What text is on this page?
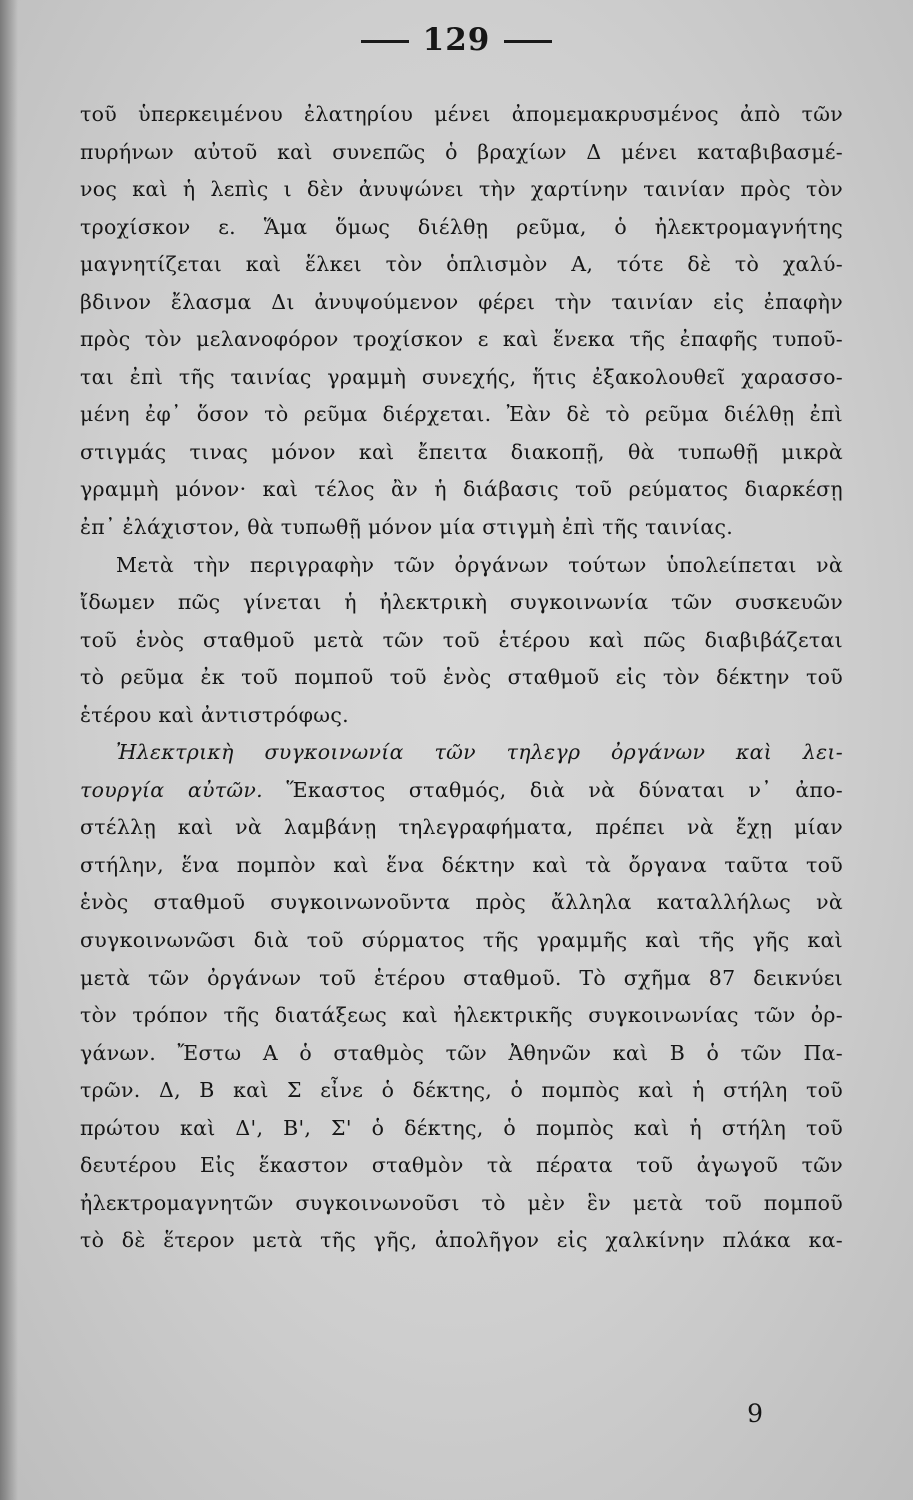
129
τοῦ ὑπερκειμένου ἐλατηρίου μένει ἀπομεμακρυσμένος ἀπὸ τῶν
πυρήνων αὐτοῦ καὶ συνεπῶς ὁ βραχίων Δ μένει καταβιβασμέ-
νος καὶ ἡ λεπὶς ι δὲν ἀνυψώνει τὴν χαρτίνην ταινίαν πρὸς τὸν
τροχίσκον ε. Ἅμα ὅμως διέλθῃ ρεῦμα, ὁ ἠλεκτρομαγνήτης
μαγνητίζεται καὶ ἕλκει τὸν ὁπλισμὸν Α, τότε δὲ τὸ χαλύ-
βδινον ἔλασμα Δι ἀνυψούμενον φέρει τὴν ταινίαν εἰς ἐπαφὴν
πρὸς τὸν μελανοφόρον τροχίσκον ε καὶ ἕνεκα τῆς ἐπαφῆς τυποῦ-
ται ἐπὶ τῆς ταινίας γραμμὴ συνεχής, ἥτις ἐξακολουθεῖ χαρασσο-
μένη ἐφ᾽ ὅσον τὸ ρεῦμα διέρχεται. Ἐὰν δὲ τὸ ρεῦμα διέλθῃ ἐπὶ
στιγμάς τινας μόνον καὶ ἔπειτα διακοπῇ, θὰ τυπωθῇ μικρὰ
γραμμὴ μόνον· καὶ τέλος ἂν ἡ διάβασις τοῦ ρεύματος διαρκέσῃ
ἐπ᾽ ἐλάχιστον, θὰ τυπωθῇ μόνον μία στιγμὴ ἐπὶ τῆς ταινίας.
Μετὰ τὴν περιγραφὴν τῶν ὀργάνων τούτων ὑπολείπεται νὰ
ἴδωμεν πῶς γίνεται ἡ ἠλεκτρικὴ συγκοινωνία τῶν συσκευῶν
τοῦ ἑνὸς σταθμοῦ μετὰ τῶν τοῦ ἑτέρου καὶ πῶς διαβιβάζεται
τὸ ρεῦμα ἐκ τοῦ πομποῦ τοῦ ἑνὸς σταθμοῦ εἰς τὸν δέκτην τοῦ
ἑτέρου καὶ ἀντιστρόφως.
Ἠλεκτρικὴ συγκοινωνία τῶν τηλεγρ ὀργάνων καὶ λει-
τουργία αὐτῶν. Ἕκαστος σταθμός, διὰ νὰ δύναται ν᾽ ἀπο-
στέλλῃ καὶ νὰ λαμβάνῃ τηλεγραφήματα, πρέπει νὰ ἔχῃ μίαν
στήλην, ἕνα πομπὸν καὶ ἕνα δέκτην καὶ τὰ ὄργανα ταῦτα τοῦ
ἑνὸς σταθμοῦ συγκοινωνοῦντα πρὸς ἄλληλα καταλλήλως νὰ
συγκοινωνῶσι διὰ τοῦ σύρματος τῆς γραμμῆς καὶ τῆς γῆς καὶ
μετὰ τῶν ὀργάνων τοῦ ἑτέρου σταθμοῦ. Τὸ σχῆμα 87 δεικνύει
τὸν τρόπον τῆς διατάξεως καὶ ἠλεκτρικῆς συγκοινωνίας τῶν ὀρ-
γάνων. Ἔστω Α ὁ σταθμὸς τῶν Ἀθηνῶν καὶ Β ὁ τῶν Πα-
τρῶν. Δ, Β καὶ Σ εἶνε ὁ δέκτης, ὁ πομπὸς καὶ ἡ στήλη τοῦ
πρώτου καὶ Δ', Β', Σ' ὁ δέκτης, ὁ πομπὸς καὶ ἡ στήλη τοῦ
δευτέρου Εἰς ἕκαστον σταθμὸν τὰ πέρατα τοῦ ἀγωγοῦ τῶν
ἠλεκτρομαγνητῶν συγκοινωνοῦσι τὸ μὲν ἓν μετὰ τοῦ πομποῦ
τὸ δὲ ἕτερον μετὰ τῆς γῆς, ἀπολῆγον εἰς χαλκίνην πλάκα κα-
9
